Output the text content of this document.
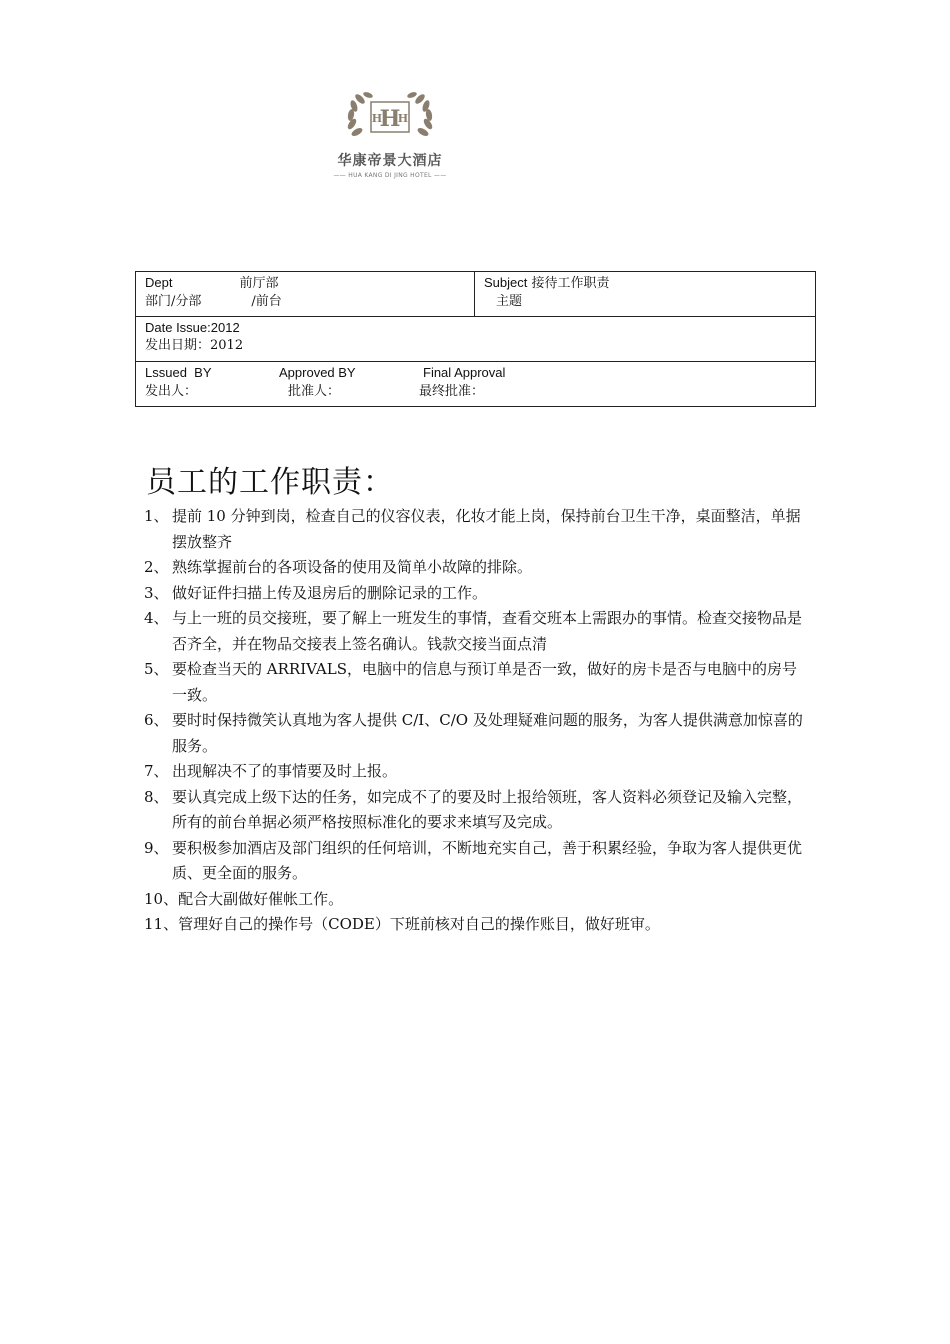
H
H H
华康帝景大酒店
—— HUA KANG DI JING HOTEL ——
Dept	前厅部
部门/分部	/前台

Subject 接待工作职责
主题

Date Issue:2012
发出日期：2012

Lssued  BY	Approved BY	Final Approval
发出人：	批准人：	最终批准：
员工的工作职责：
1、 提前 10 分钟到岗，检查自己的仪容仪表，化妆才能上岗，保持前台卫生干净，桌面整洁，单据摆放整齐
2、 熟练掌握前台的各项设备的使用及简单小故障的排除。
3、 做好证件扫描上传及退房后的删除记录的工作。
4、 与上一班的员交接班，要了解上一班发生的事情，查看交班本上需跟办的事情。检查交接物品是否齐全，并在物品交接表上签名确认。钱款交接当面点清
5、 要检查当天的 ARRIVALS，电脑中的信息与预订单是否一致，做好的房卡是否与电脑中的房号一致。
6、 要时时保持微笑认真地为客人提供 C/I、C/O 及处理疑难问题的服务，为客人提供满意加惊喜的服务。
7、 出现解决不了的事情要及时上报。
8、 要认真完成上级下达的任务，如完成不了的要及时上报给领班，客人资料必须登记及输入完整，所有的前台单据必须严格按照标准化的要求来填写及完成。
9、 要积极参加酒店及部门组织的任何培训，不断地充实自己，善于积累经验，争取为客人提供更优质、更全面的服务。
10、配合大副做好催帐工作。
11、管理好自己的操作号（CODE）下班前核对自己的操作账目，做好班审。
